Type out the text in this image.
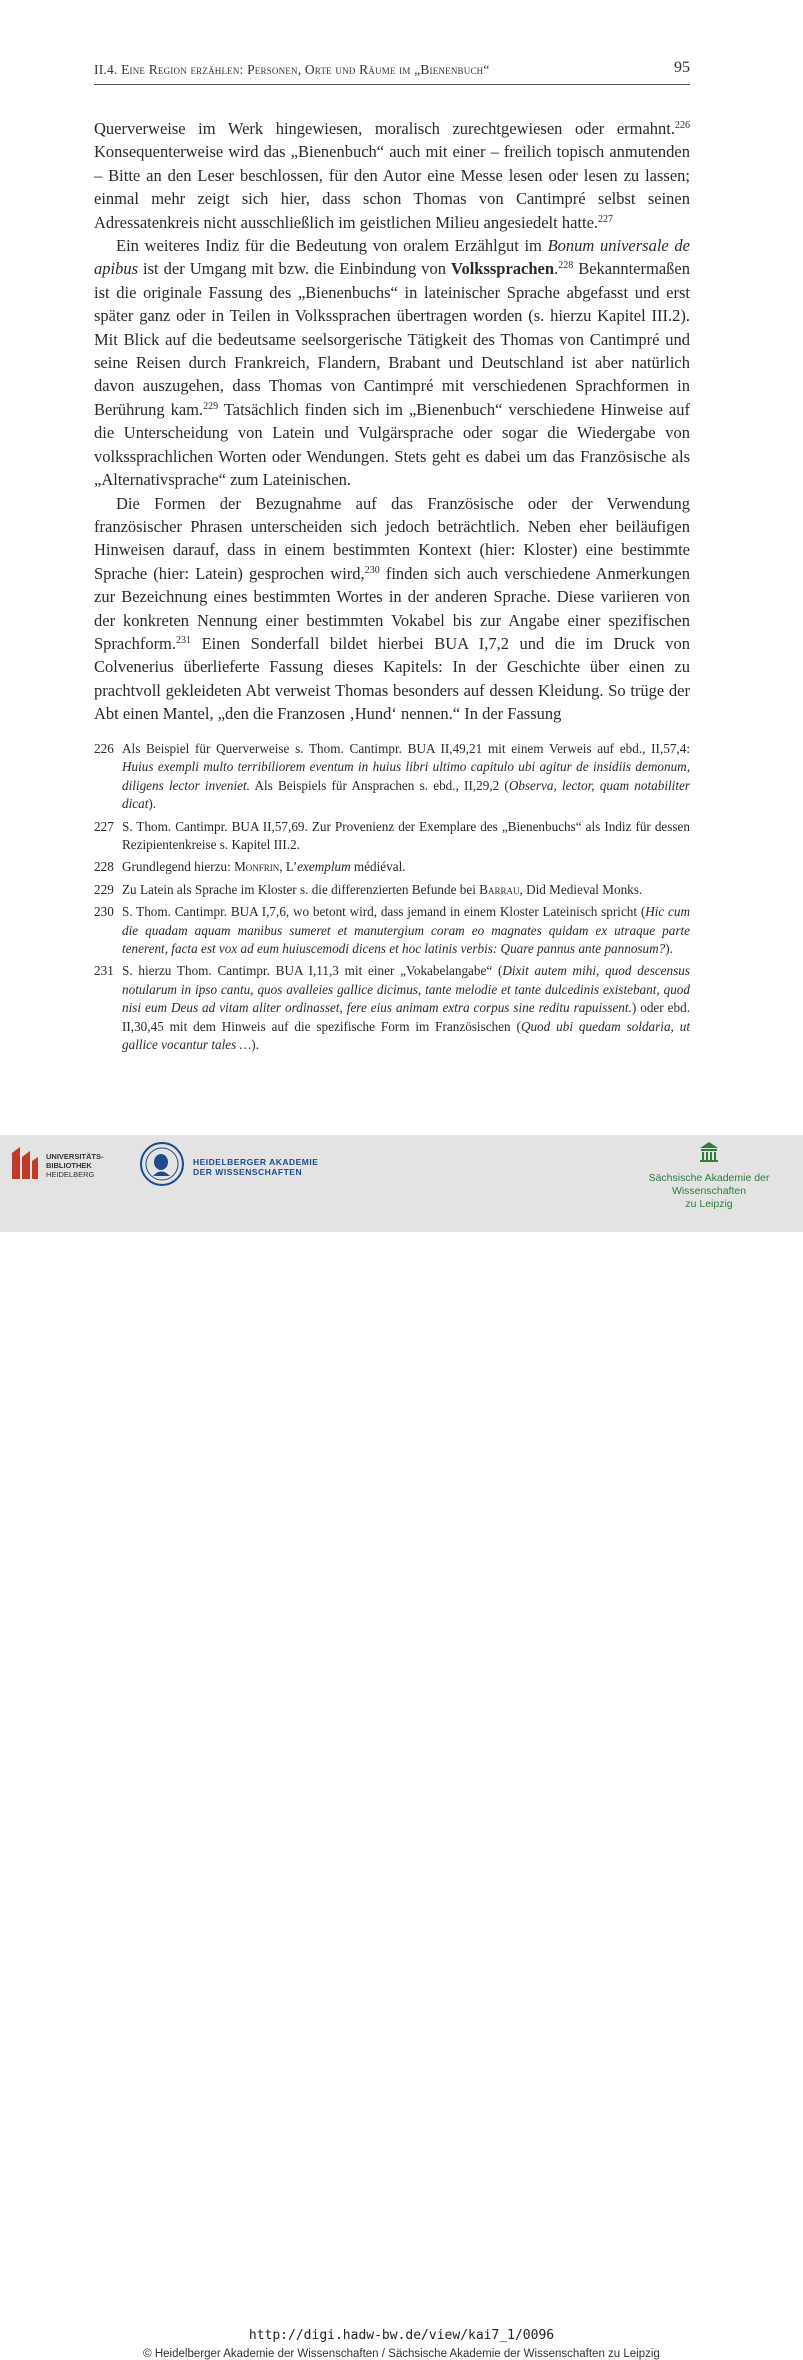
II.4. Eine Region erzählen: Personen, Orte und Räume im „Bienenbuch“	95

Querverweise im Werk hingewiesen, moralisch zurechtgewiesen oder ermahnt.$^{226}$ Konsequenterweise wird das „Bienenbuch“ auch mit einer – freilich topisch anmutenden – Bitte an den Leser beschlossen, für den Autor eine Messe lesen oder lesen zu lassen; einmal mehr zeigt sich hier, dass schon Thomas von Cantimpré selbst seinen Adressatenkreis nicht ausschließlich im geistlichen Milieu angesiedelt hatte.$^{227}$

Ein weiteres Indiz für die Bedeutung von oralem Erzählgut im Bonum universale de apibus ist der Umgang mit bzw. die Einbindung von Volkssprachen.$^{228}$ Bekanntermaßen ist die originale Fassung des „Bienenbuchs“ in lateinischer Sprache abgefasst und erst später ganz oder in Teilen in Volkssprachen übertragen worden (s. hierzu Kapitel III.2). Mit Blick auf die bedeutsame seelsorgerische Tätigkeit des Thomas von Cantimpré und seine Reisen durch Frankreich, Flandern, Brabant und Deutschland ist aber natürlich davon auszugehen, dass Thomas von Cantimpré mit verschiedenen Sprachformen in Berührung kam.$^{229}$ Tatsächlich finden sich im „Bienenbuch“ verschiedene Hinweise auf die Unterscheidung von Latein und Vulgärsprache oder sogar die Wiedergabe von volkssprachlichen Worten oder Wendungen. Stets geht es dabei um das Französische als „Alternativsprache“ zum Lateinischen.

Die Formen der Bezugnahme auf das Französische oder der Verwendung französischer Phrasen unterscheiden sich jedoch beträchtlich. Neben eher beiläufigen Hinweisen darauf, dass in einem bestimmten Kontext (hier: Kloster) eine bestimmte Sprache (hier: Latein) gesprochen wird,$^{230}$ finden sich auch verschiedene Anmerkungen zur Bezeichnung eines bestimmten Wortes in der anderen Sprache. Diese variieren von der konkreten Nennung einer bestimmten Vokabel bis zur Angabe einer spezifischen Sprachform.$^{231}$ Einen Sonderfall bildet hierbei BUA I,7,2 und die im Druck von Colvenerius überlieferte Fassung dieses Kapitels: In der Geschichte über einen zu prachtvoll gekleideten Abt verweist Thomas besonders auf dessen Kleidung. So trüge der Abt einen Mantel, „den die Franzosen ‚Hund‘ nennen.“ In der Fassung

226 Als Beispiel für Querverweise s. Thom. Cantimpr. BUA II,49,21 mit einem Verweis auf ebd., II,57,4: Huius exempli multo terribiliorem eventum in huius libri ultimo capitulo ubi agitur de insidiis demonum, diligens lector inveniet. Als Beispiels für Ansprachen s. ebd., II,29,2 (Observa, lector, quam notabiliter dicat).
227 S. Thom. Cantimpr. BUA II,57,69. Zur Provenienz der Exemplare des „Bienenbuchs“ als Indiz für dessen Rezipientenkreise s. Kapitel III.2.
228 Grundlegend hierzu: Monfrin, L’exemplum médiéval.
229 Zu Latein als Sprache im Kloster s. die differenzierten Befunde bei Barrau, Did Medieval Monks.
230 S. Thom. Cantimpr. BUA I,7,6, wo betont wird, dass jemand in einem Kloster Lateinisch spricht (Hic cum die quadam aquam manibus sumeret et manutergium coram eo magnates quidam ex utraque parte tenerent, facta est vox ad eum huiuscemodi dicens et hoc latinis verbis: Quare pannus ante pannosum?).
231 S. hierzu Thom. Cantimpr. BUA I,11,3 mit einer „Vokabelangabe“ (Dixit autem mihi, quod descensus notularum in ipso cantu, quos avalleies gallice dicimus, tante melodie et tante dulcedinis existebant, quod nisi eum Deus ad vitam aliter ordinasset, fere eius animam extra corpus sine reditu rapuissent.) oder ebd. II,30,45 mit dem Hinweis auf die spezifische Form im Französischen (Quod ubi quedam soldaria, ut gallice vocantur tales …).
UNIVERSITÄTS-
BIBLIOTHEK
HEIDELBERG
HEIDELBERGER AKADEMIE
DER WISSENSCHAFTEN
Sächsische Akademie der Wissenschaften
zu Leipzig
http://digi.hadw-bw.de/view/kai7_1/0096
© Heidelberger Akademie der Wissenschaften / Sächsische Akademie der Wissenschaften zu Leipzig
